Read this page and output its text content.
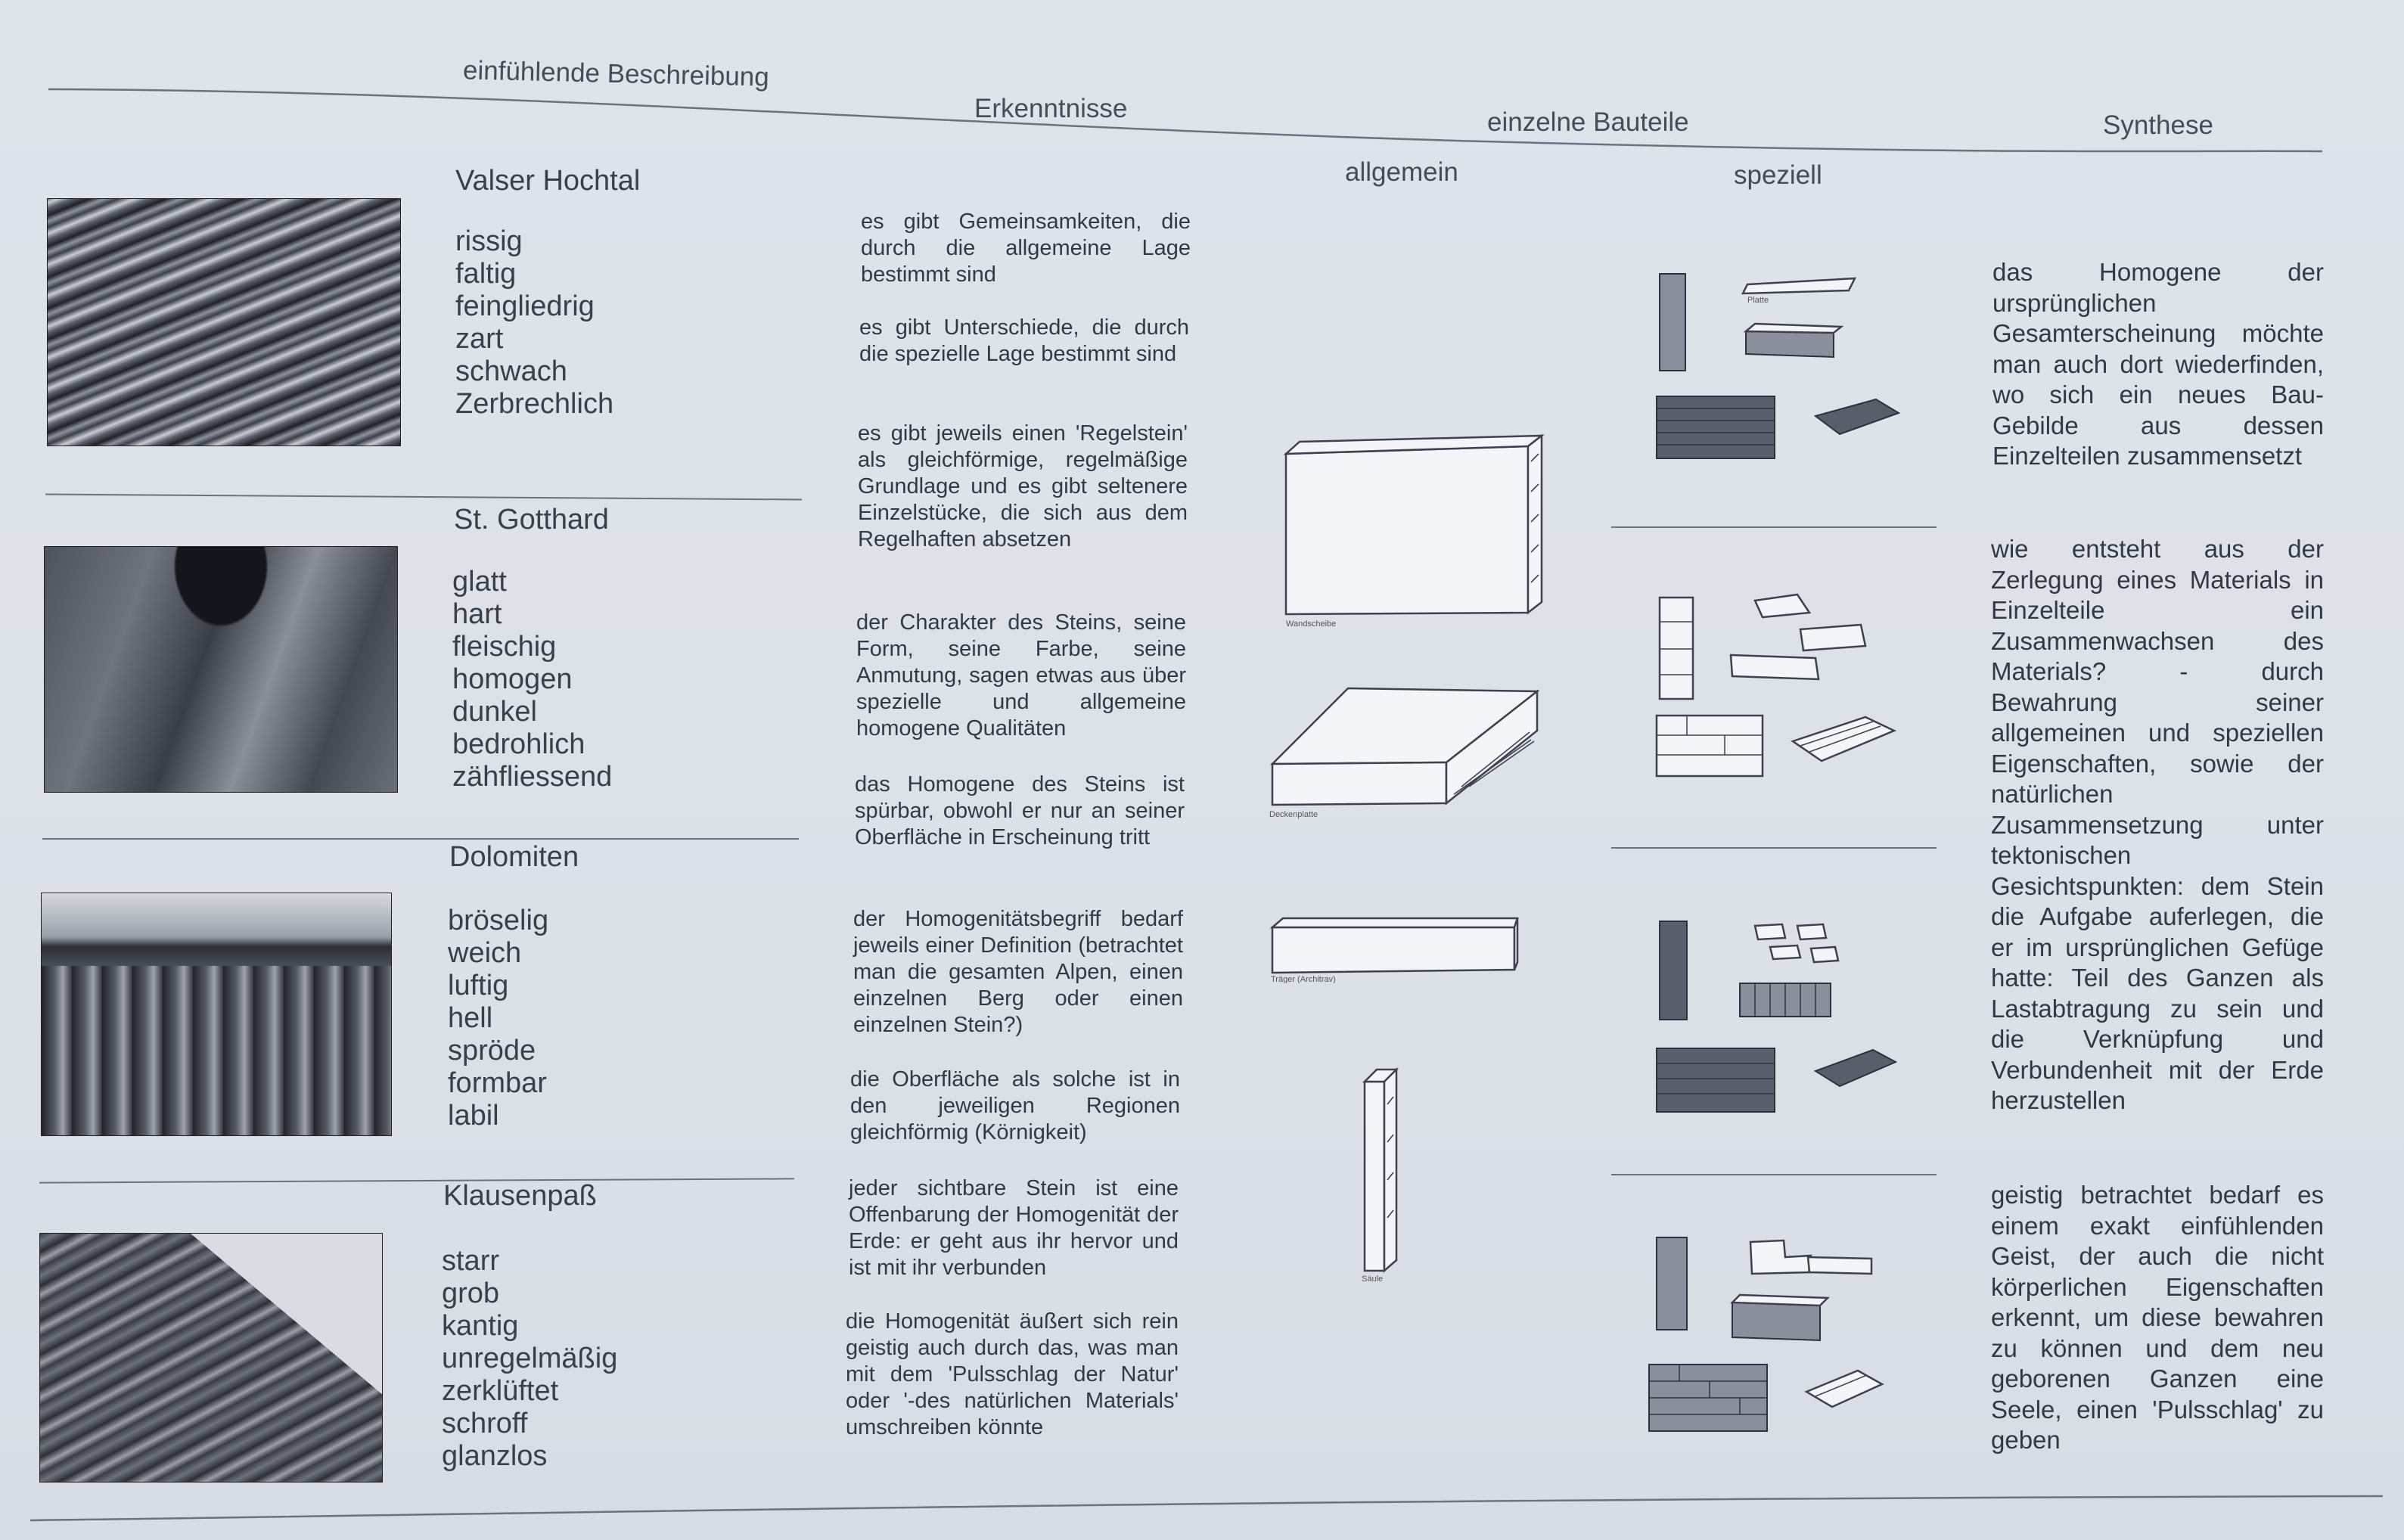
einfühlende Beschreibung
Erkenntnisse	einzelne Bauteile
allgemein	speziell
Synthese
Valser Hochtal
rissig
faltig
feingliedrig
zart
schwach
Zerbrechlich
St. Gotthard
glatt
hart
fleischig
homogen
dunkel
bedrohlich
zähfliessend
Dolomiten
bröselig
weich
luftig
hell
spröde
formbar
labil
Klausenpaß
starr
grob
kantig
unregelmäßig
zerklüftet
schroff
glanzlos
es gibt Gemeinsamkeiten, die durch die allgemeine Lage bestimmt sind
es gibt Unterschiede, die durch die spezielle Lage bestimmt sind
es gibt jeweils einen 'Regelstein' als gleichförmige, regelmäßige Grundlage und es gibt seltenere Einzelstücke, die sich aus dem Regelhaften absetzen
der Charakter des Steins, seine Form, seine Farbe, seine Anmutung, sagen etwas aus über spezielle und allgemeine homogene Qualitäten
das Homogene des Steins ist spürbar, obwohl er nur an seiner Oberfläche in Erscheinung tritt
der Homogenitätsbegriff bedarf jeweils einer Definition (betrachtet man die gesamten Alpen, einen einzelnen Berg oder einen einzelnen Stein?)
die Oberfläche als solche ist in den jeweiligen Regionen gleichförmig (Körnigkeit)
jeder sichtbare Stein ist eine Offenbarung der Homogenität der Erde: er geht aus ihr hervor und ist mit ihr verbunden
die Homogenität äußert sich rein geistig auch durch das, was man mit dem 'Pulsschlag der Natur' oder '-des natürlichen Materials' umschreiben könnte
Wandscheibe
Deckenplatte
Träger (Architrav)
Säule
Platte
das Homogene der ursprünglichen Gesamterscheinung möchte man auch dort wiederfinden, wo sich ein neues Bau-Gebilde aus dessen Einzelteilen zusammensetzt
wie entsteht aus der Zerlegung eines Materials in Einzelteile ein Zusammenwachsen des Materials? - durch Bewahrung seiner allgemeinen und speziellen Eigenschaften, sowie der natürlichen Zusammensetzung unter tektonischen Gesichtspunkten: dem Stein die Aufgabe auferlegen, die er im ursprünglichen Gefüge hatte: Teil des Ganzen als Lastabtragung zu sein und die Verknüpfung und Verbundenheit mit der Erde herzustellen
geistig betrachtet bedarf es einem exakt einfühlenden Geist, der auch die nicht körperlichen Eigenschaften erkennt, um diese bewahren zu können und dem neu geborenen Ganzen eine Seele, einen 'Pulsschlag' zu geben
